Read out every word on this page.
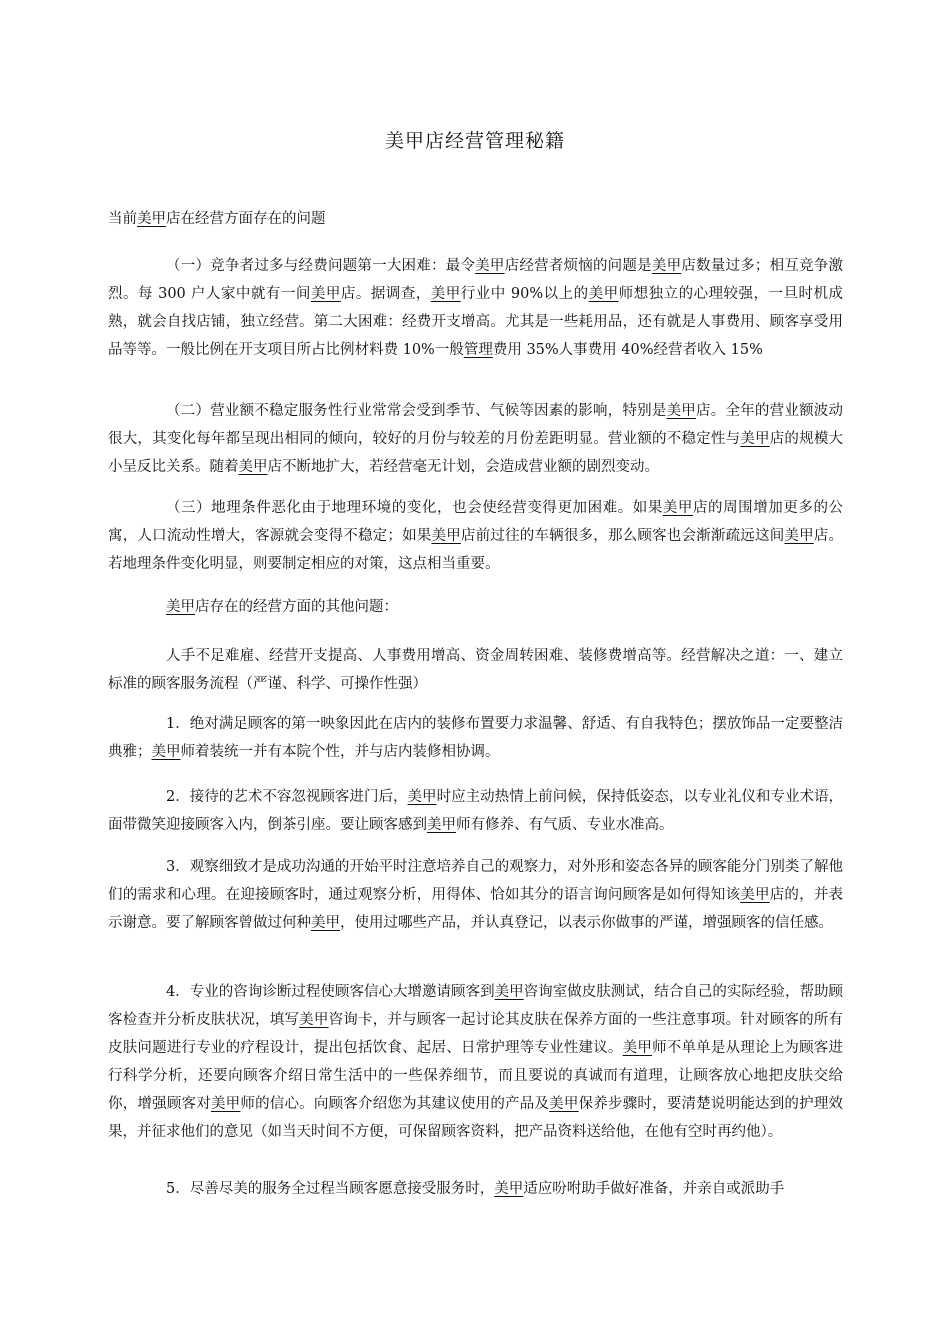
美甲店经营管理秘籍

当前美甲店在经营方面存在的问题

（一）竞争者过多与经费问题第一大困难：最令美甲店经营者烦恼的问题是美甲店数量过多；相互竞争激烈。每 300 户人家中就有一间美甲店。据调查，美甲行业中 90%以上的美甲师想独立的心理较强，一旦时机成熟，就会自找店铺，独立经营。第二大困难：经费开支增高。尤其是一些耗用品，还有就是人事费用、顾客享受用品等等。一般比例在开支项目所占比例材料费 10%一般管理费用 35%人事费用 40%经营者收入 15%

（二）营业额不稳定服务性行业常常会受到季节、气候等因素的影响，特别是美甲店。全年的营业额波动很大，其变化每年都呈现出相同的倾向，较好的月份与较差的月份差距明显。营业额的不稳定性与美甲店的规模大小呈反比关系。随着美甲店不断地扩大，若经营毫无计划，会造成营业额的剧烈变动。

（三）地理条件恶化由于地理环境的变化，也会使经营变得更加困难。如果美甲店的周围增加更多的公寓，人口流动性增大，客源就会变得不稳定；如果美甲店前过往的车辆很多，那么顾客也会渐渐疏远这间美甲店。若地理条件变化明显，则要制定相应的对策，这点相当重要。

美甲店存在的经营方面的其他问题：

人手不足难雇、经营开支提高、人事费用增高、资金周转困难、装修费增高等。经营解决之道：一、建立标准的顾客服务流程（严谨、科学、可操作性强）

1．绝对满足顾客的第一映象因此在店内的装修布置要力求温馨、舒适、有自我特色；摆放饰品一定要整洁典雅；美甲师着装统一并有本院个性，并与店内装修相协调。

2．接待的艺术不容忽视顾客进门后，美甲时应主动热情上前问候，保持低姿态，以专业礼仪和专业术语，面带微笑迎接顾客入内，倒茶引座。要让顾客感到美甲师有修养、有气质、专业水准高。

3．观察细致才是成功沟通的开始平时注意培养自己的观察力，对外形和姿态各异的顾客能分门别类了解他们的需求和心理。在迎接顾客时，通过观察分析，用得体、恰如其分的语言询问顾客是如何得知该美甲店的，并表示谢意。要了解顾客曾做过何种美甲，使用过哪些产品，并认真登记，以表示你做事的严谨，增强顾客的信任感。

4．专业的咨询诊断过程使顾客信心大增邀请顾客到美甲咨询室做皮肤测试，结合自己的实际经验，帮助顾客检查并分析皮肤状况，填写美甲咨询卡，并与顾客一起讨论其皮肤在保养方面的一些注意事项。针对顾客的所有皮肤问题进行专业的疗程设计，提出包括饮食、起居、日常护理等专业性建议。美甲师不单单是从理论上为顾客进行科学分析，还要向顾客介绍日常生活中的一些保养细节，而且要说的真诚而有道理，让顾客放心地把皮肤交给你，增强顾客对美甲师的信心。向顾客介绍您为其建议使用的产品及美甲保养步骤时，要清楚说明能达到的护理效果，并征求他们的意见（如当天时间不方便，可保留顾客资料，把产品资料送给他，在他有空时再约他）。

5．尽善尽美的服务全过程当顾客愿意接受服务时，美甲适应吩咐助手做好准备，并亲自或派助手
